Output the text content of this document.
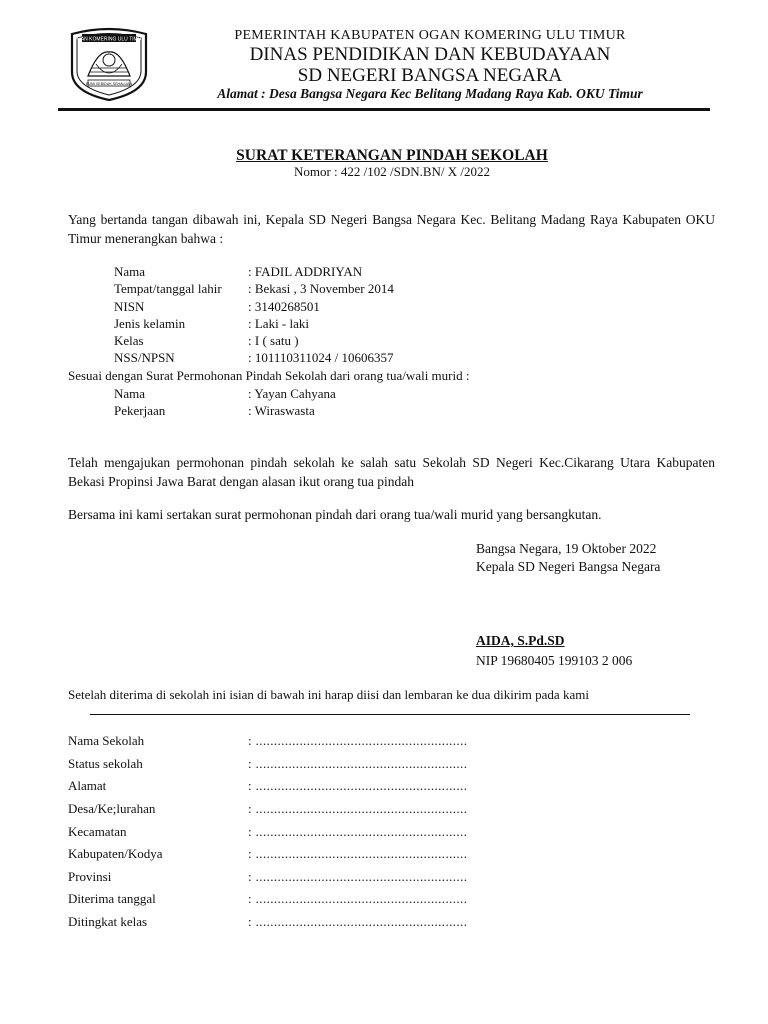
OGAN KOMERING ULU TIMUR
BUMI SEBIDUK SEHALUAN
PEMERINTAH KABUPATEN OGAN KOMERING ULU TIMUR
DINAS PENDIDIKAN DAN KEBUDAYAAN
SD NEGERI BANGSA NEGARA
Alamat : Desa Bangsa Negara Kec Belitang Madang Raya Kab. OKU Timur
SURAT KETERANGAN PINDAH SEKOLAH
Nomor : 422 /102 /SDN.BN/ X /2022
Yang bertanda tangan dibawah ini, Kepala SD Negeri Bangsa Negara Kec. Belitang Madang Raya Kabupaten OKU Timur menerangkan bahwa :
Nama	: FADIL ADDRIYAN
Tempat/tanggal lahir : Bekasi , 3 November 2014
NISN	: 3140268501
Jenis kelamin	: Laki - laki
Kelas	: I ( satu )
NSS/NPSN	: 101110311024 / 10606357
Sesuai dengan Surat Permohonan Pindah Sekolah dari orang tua/wali murid :
Nama	: Yayan Cahyana
Pekerjaan	: Wiraswasta
Telah mengajukan permohonan pindah sekolah ke salah satu Sekolah SD Negeri Kec.Cikarang Utara Kabupaten Bekasi Propinsi Jawa Barat dengan alasan ikut orang tua pindah
Bersama ini kami sertakan surat permohonan pindah dari orang tua/wali murid yang bersangkutan.
Bangsa Negara, 19 Oktober 2022
Kepala SD Negeri Bangsa Negara
AIDA, S.Pd.SD
NIP 19680405 199103 2 006
Setelah diterima di sekolah ini isian di bawah ini harap diisi dan lembaran ke dua dikirim pada kami
Nama Sekolah	: ..........................................................
Status sekolah	: ..........................................................
Alamat	: ..........................................................
Desa/Ke;lurahan	: ..........................................................
Kecamatan	: ..........................................................
Kabupaten/Kodya	: ..........................................................
Provinsi	: ..........................................................
Diterima tanggal	: ..........................................................
Ditingkat kelas	: ..........................................................
